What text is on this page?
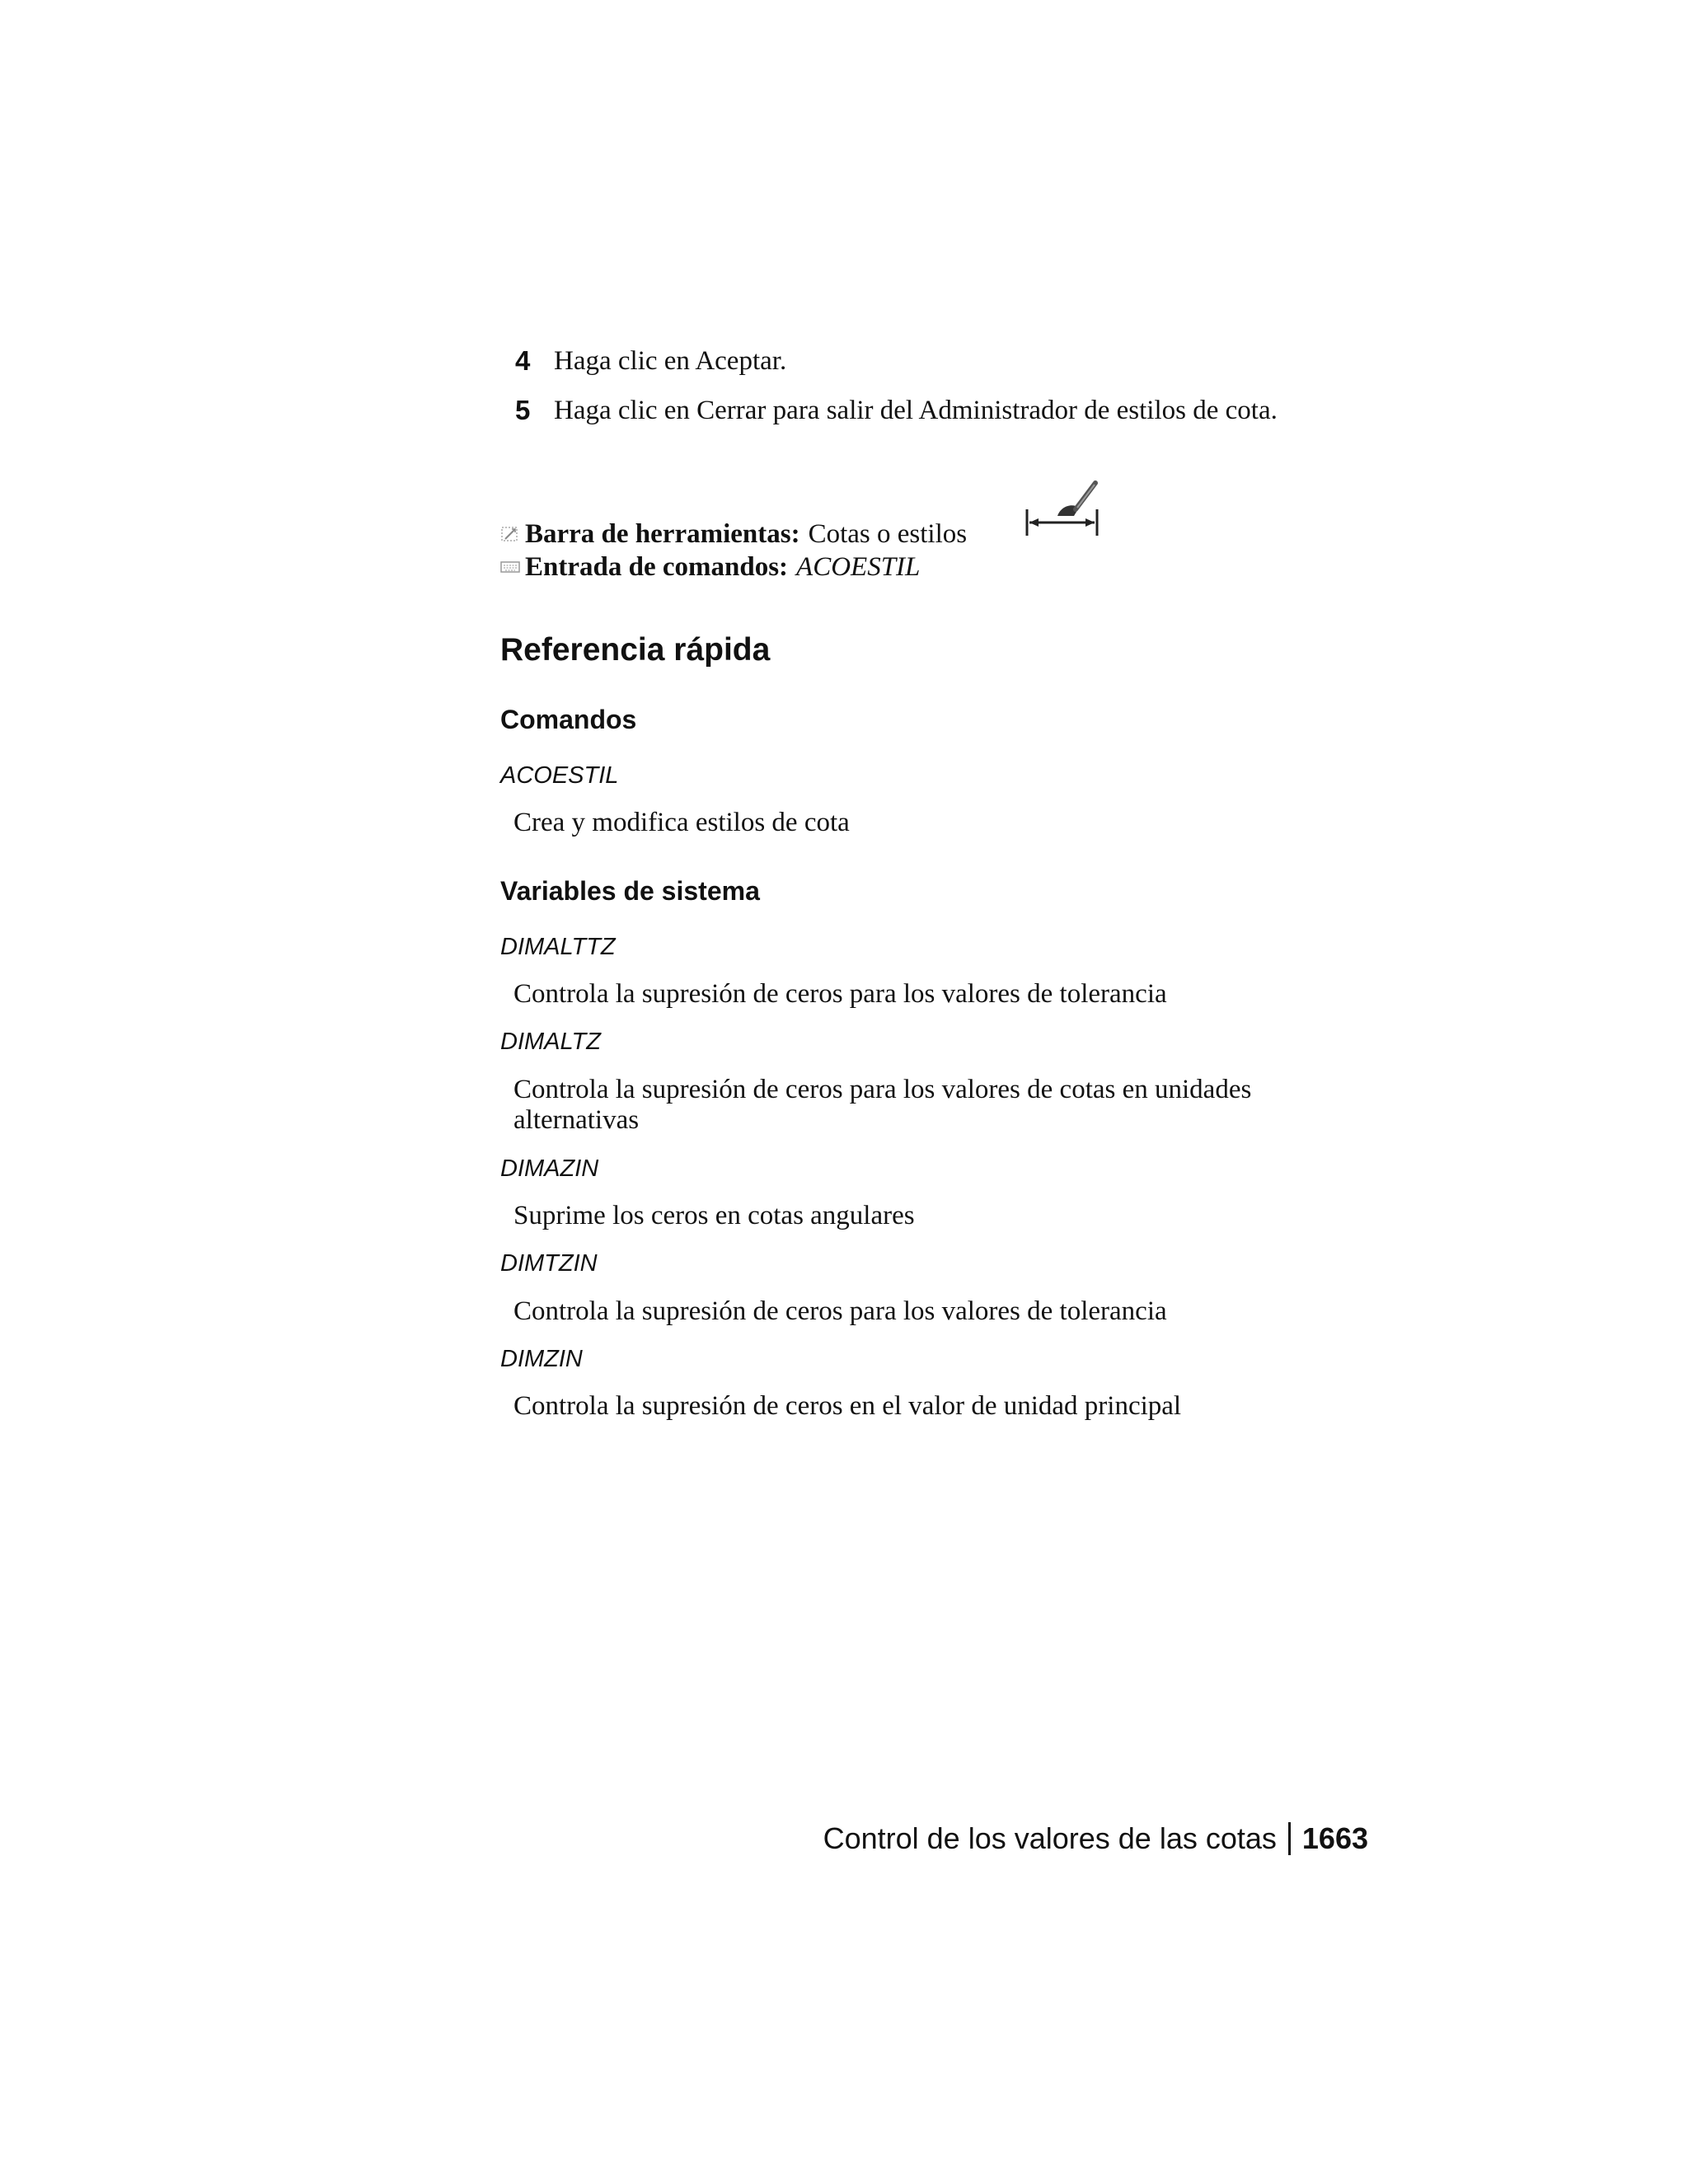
4 Haga clic en Aceptar.
5 Haga clic en Cerrar para salir del Administrador de estilos de cota.
Barra de herramientas: Cotas o estilos
Entrada de comandos: ACOESTIL
Referencia rápida
Comandos
ACOESTIL
Crea y modifica estilos de cota
Variables de sistema
DIMALTTZ
Controla la supresión de ceros para los valores de tolerancia
DIMALTZ
Controla la supresión de ceros para los valores de cotas en unidades alternativas
DIMAZIN
Suprime los ceros en cotas angulares
DIMTZIN
Controla la supresión de ceros para los valores de tolerancia
DIMZIN
Controla la supresión de ceros en el valor de unidad principal
Control de los valores de las cotas 1663
